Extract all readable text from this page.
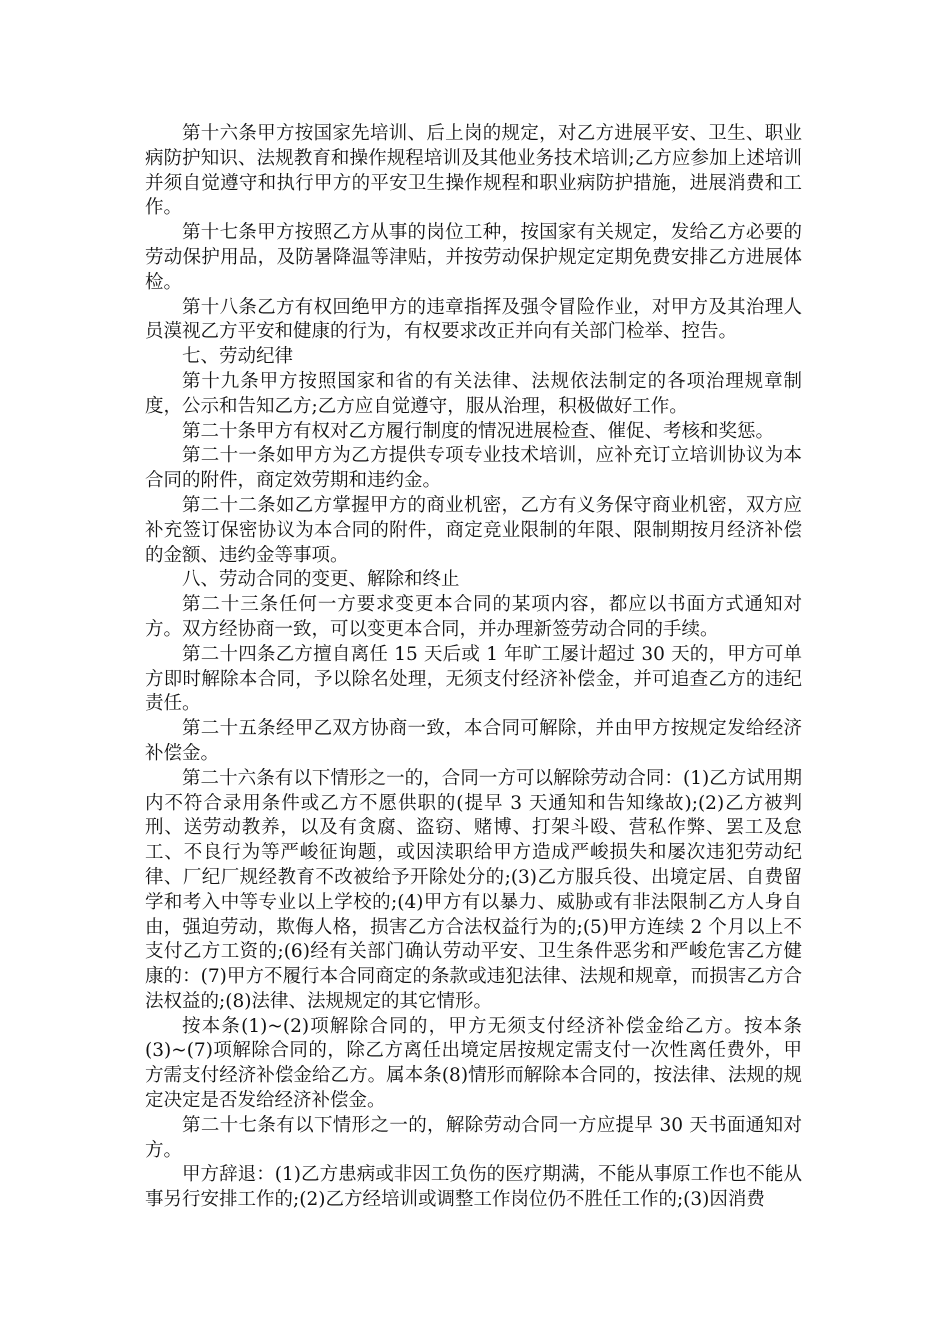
第十六条甲方按国家先培训、后上岗的规定，对乙方进展平安、卫生、职业病防护知识、法规教育和操作规程培训及其他业务技术培训;乙方应参加上述培训并须自觉遵守和执行甲方的平安卫生操作规程和职业病防护措施，进展消费和工作。

第十七条甲方按照乙方从事的岗位工种，按国家有关规定，发给乙方必要的劳动保护用品，及防暑降温等津贴，并按劳动保护规定定期免费安排乙方进展体检。

第十八条乙方有权回绝甲方的违章指挥及强令冒险作业，对甲方及其治理人员漠视乙方平安和健康的行为，有权要求改正并向有关部门检举、控告。

七、劳动纪律

第十九条甲方按照国家和省的有关法律、法规依法制定的各项治理规章制度，公示和告知乙方;乙方应自觉遵守，服从治理，积极做好工作。

第二十条甲方有权对乙方履行制度的情况进展检查、催促、考核和奖惩。

第二十一条如甲方为乙方提供专项专业技术培训，应补充订立培训协议为本合同的附件，商定效劳期和违约金。

第二十二条如乙方掌握甲方的商业机密，乙方有义务保守商业机密，双方应补充签订保密协议为本合同的附件，商定竞业限制的年限、限制期按月经济补偿的金额、违约金等事项。

八、劳动合同的变更、解除和终止

第二十三条任何一方要求变更本合同的某项内容，都应以书面方式通知对方。双方经协商一致，可以变更本合同，并办理新签劳动合同的手续。

第二十四条乙方擅自离任 15 天后或 1 年旷工屡计超过 30 天的，甲方可单方即时解除本合同，予以除名处理，无须支付经济补偿金，并可追查乙方的违纪责任。

第二十五条经甲乙双方协商一致，本合同可解除，并由甲方按规定发给经济补偿金。

第二十六条有以下情形之一的，合同一方可以解除劳动合同：(1)乙方试用期内不符合录用条件或乙方不愿供职的(提早 3 天通知和告知缘故);(2)乙方被判刑、送劳动教养，以及有贪腐、盗窃、赌博、打架斗殴、营私作弊、罢工及怠工、不良行为等严峻征询题，或因渎职给甲方造成严峻损失和屡次违犯劳动纪律、厂纪厂规经教育不改被给予开除处分的;(3)乙方服兵役、出境定居、自费留学和考入中等专业以上学校的;(4)甲方有以暴力、威胁或有非法限制乙方人身自由，强迫劳动，欺侮人格，损害乙方合法权益行为的;(5)甲方连续 2 个月以上不支付乙方工资的;(6)经有关部门确认劳动平安、卫生条件恶劣和严峻危害乙方健康的：(7)甲方不履行本合同商定的条款或违犯法律、法规和规章，而损害乙方合法权益的;(8)法律、法规规定的其它情形。

按本条(1)~(2)项解除合同的，甲方无须支付经济补偿金给乙方。按本条(3)~(7)项解除合同的，除乙方离任出境定居按规定需支付一次性离任费外，甲方需支付经济补偿金给乙方。属本条(8)情形而解除本合同的，按法律、法规的规定决定是否发给经济补偿金。

第二十七条有以下情形之一的，解除劳动合同一方应提早 30 天书面通知对方。

甲方辞退：(1)乙方患病或非因工负伤的医疗期满，不能从事原工作也不能从事另行安排工作的;(2)乙方经培训或调整工作岗位仍不胜任工作的;(3)因消费
